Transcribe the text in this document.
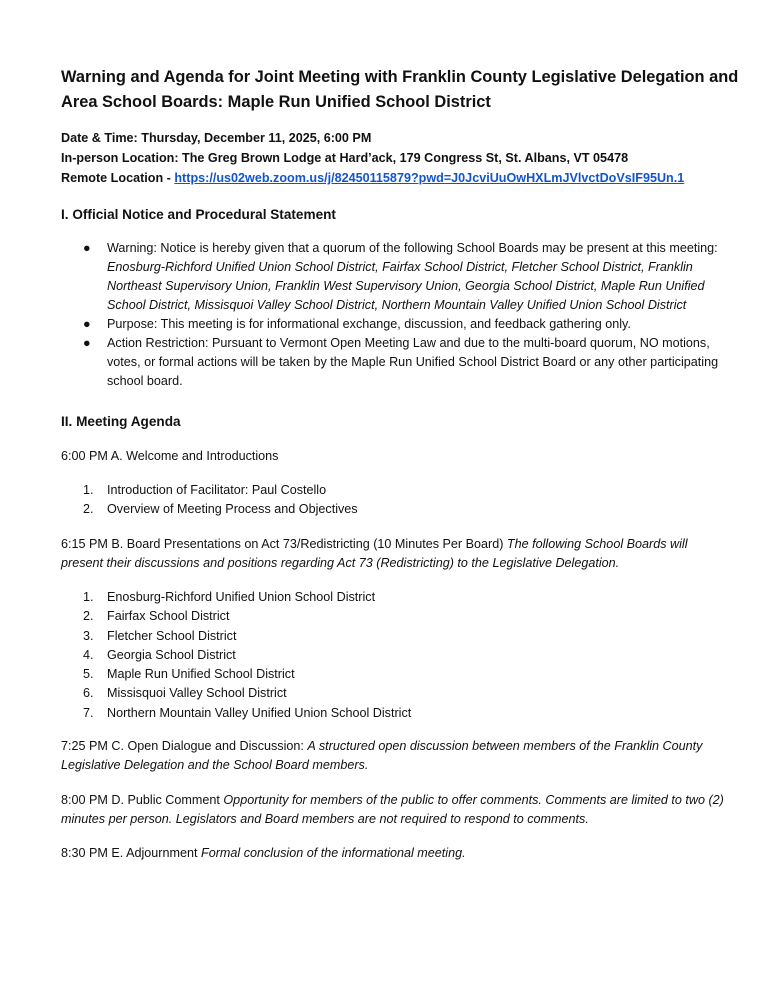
Warning and Agenda for Joint Meeting with Franklin County Legislative Delegation and Area School Boards: Maple Run Unified School District
Date & Time: Thursday, December 11, 2025, 6:00 PM
In-person Location: The Greg Brown Lodge at Hard’ack, 179 Congress St, St. Albans, VT 05478
Remote Location - https://us02web.zoom.us/j/82450115879?pwd=J0JcviUuOwHXLmJVlvctDoVsIF95Un.1
I. Official Notice and Procedural Statement
● Warning: Notice is hereby given that a quorum of the following School Boards may be present at this meeting: Enosburg-Richford Unified Union School District, Fairfax School District, Fletcher School District, Franklin Northeast Supervisory Union, Franklin West Supervisory Union, Georgia School District, Maple Run Unified School District, Missisquoi Valley School District, Northern Mountain Valley Unified Union School District
● Purpose: This meeting is for informational exchange, discussion, and feedback gathering only.
● Action Restriction: Pursuant to Vermont Open Meeting Law and due to the multi-board quorum, NO motions, votes, or formal actions will be taken by the Maple Run Unified School District Board or any other participating school board.
II. Meeting Agenda
6:00 PM A. Welcome and Introductions
1. Introduction of Facilitator: Paul Costello
2. Overview of Meeting Process and Objectives
6:15 PM B. Board Presentations on Act 73/Redistricting (10 Minutes Per Board) The following School Boards will present their discussions and positions regarding Act 73 (Redistricting) to the Legislative Delegation.
1. Enosburg-Richford Unified Union School District
2. Fairfax School District
3. Fletcher School District
4. Georgia School District
5. Maple Run Unified School District
6. Missisquoi Valley School District
7. Northern Mountain Valley Unified Union School District
7:25 PM C. Open Dialogue and Discussion: A structured open discussion between members of the Franklin County Legislative Delegation and the School Board members.
8:00 PM D. Public Comment Opportunity for members of the public to offer comments. Comments are limited to two (2) minutes per person. Legislators and Board members are not required to respond to comments.
8:30 PM E. Adjournment Formal conclusion of the informational meeting.
